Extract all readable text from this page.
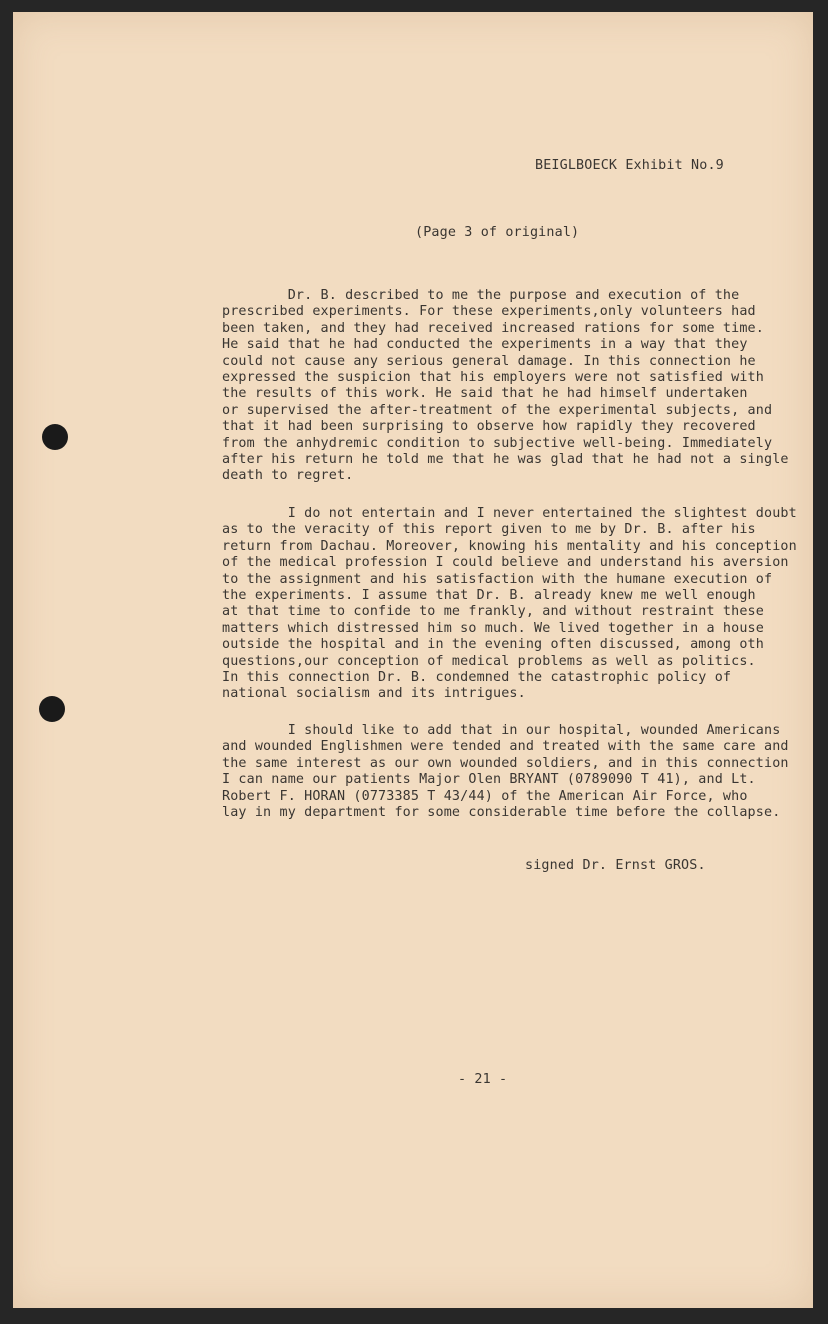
BEIGLBOECK Exhibit No.9
(Page 3 of original)
Dr. B. described to me the purpose and execution of the
prescribed experiments. For these experiments,only volunteers had
been taken, and they had received increased rations for some time.
He said that he had conducted the experiments in a way that they
could not cause any serious general damage. In this connection he
expressed the suspicion that his employers were not satisfied with
the results of this work. He said that he had himself undertaken
or supervised the after-treatment of the experimental subjects, and
that it had been surprising to observe how rapidly they recovered
from the anhydremic condition to subjective well-being. Immediately
after his return he told me that he was glad that he had not a single
death to regret.
I do not entertain and I never entertained the slightest doubt
as to the veracity of this report given to me by Dr. B. after his
return from Dachau. Moreover, knowing his mentality and his conception
of the medical profession I could believe and understand his aversion
to the assignment and his satisfaction with the humane execution of
the experiments. I assume that Dr. B. already knew me well enough
at that time to confide to me frankly, and without restraint these
matters which distressed him so much. We lived together in a house
outside the hospital and in the evening often discussed, among oth
questions,our conception of medical problems as well as politics.
In this connection Dr. B. condemned the catastrophic policy of
national socialism and its intrigues.
I should like to add that in our hospital, wounded Americans
and wounded Englishmen were tended and treated with the same care and
the same interest as our own wounded soldiers, and in this connection
I can name our patients Major Olen BRYANT (0789090 T 41), and Lt.
Robert F. HORAN (0773385 T 43/44) of the American Air Force, who
lay in my department for some considerable time before the collapse.
signed Dr. Ernst GROS.
- 21 -
